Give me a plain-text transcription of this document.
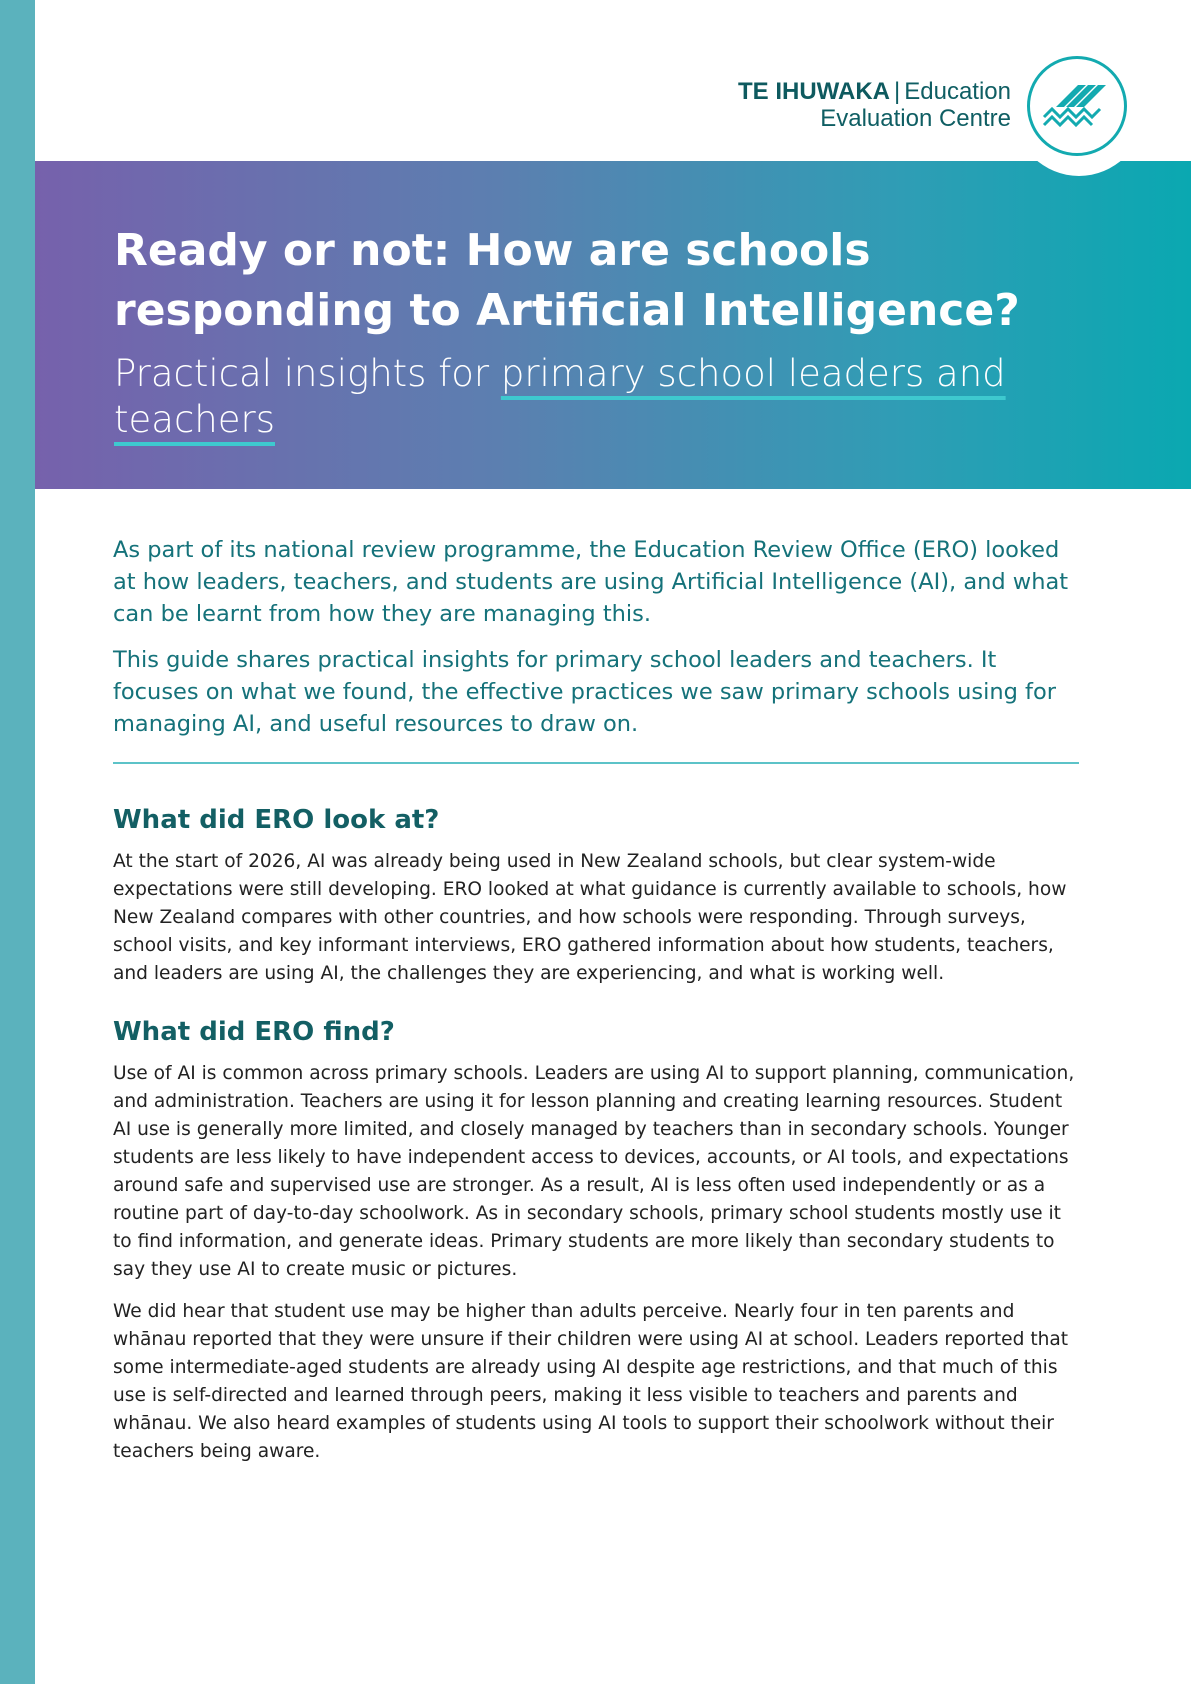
TE IHUWAKA | Education
Evaluation Centre
Ready or not: How are schools
responding to Artificial Intelligence?
Practical insights for primary school leaders and teachers

As part of its national review programme, the Education Review Office (ERO) looked at how leaders, teachers, and students are using Artificial Intelligence (AI), and what can be learnt from how they are managing this.

This guide shares practical insights for primary school leaders and teachers. It focuses on what we found, the effective practices we saw primary schools using for managing AI, and useful resources to draw on.

What did ERO look at?

At the start of 2026, AI was already being used in New Zealand schools, but clear system-wide expectations were still developing. ERO looked at what guidance is currently available to schools, how New Zealand compares with other countries, and how schools were responding. Through surveys, school visits, and key informant interviews, ERO gathered information about how students, teachers, and leaders are using AI, the challenges they are experiencing, and what is working well.

What did ERO find?

Use of AI is common across primary schools. Leaders are using AI to support planning, communication, and administration. Teachers are using it for lesson planning and creating learning resources. Student AI use is generally more limited, and closely managed by teachers than in secondary schools. Younger students are less likely to have independent access to devices, accounts, or AI tools, and expectations around safe and supervised use are stronger. As a result, AI is less often used independently or as a routine part of day-to-day schoolwork. As in secondary schools, primary school students mostly use it to find information, and generate ideas. Primary students are more likely than secondary students to say they use AI to create music or pictures.

We did hear that student use may be higher than adults perceive. Nearly four in ten parents and whānau reported that they were unsure if their children were using AI at school. Leaders reported that some intermediate-aged students are already using AI despite age restrictions, and that much of this use is self-directed and learned through peers, making it less visible to teachers and parents and whānau. We also heard examples of students using AI tools to support their schoolwork without their teachers being aware.
